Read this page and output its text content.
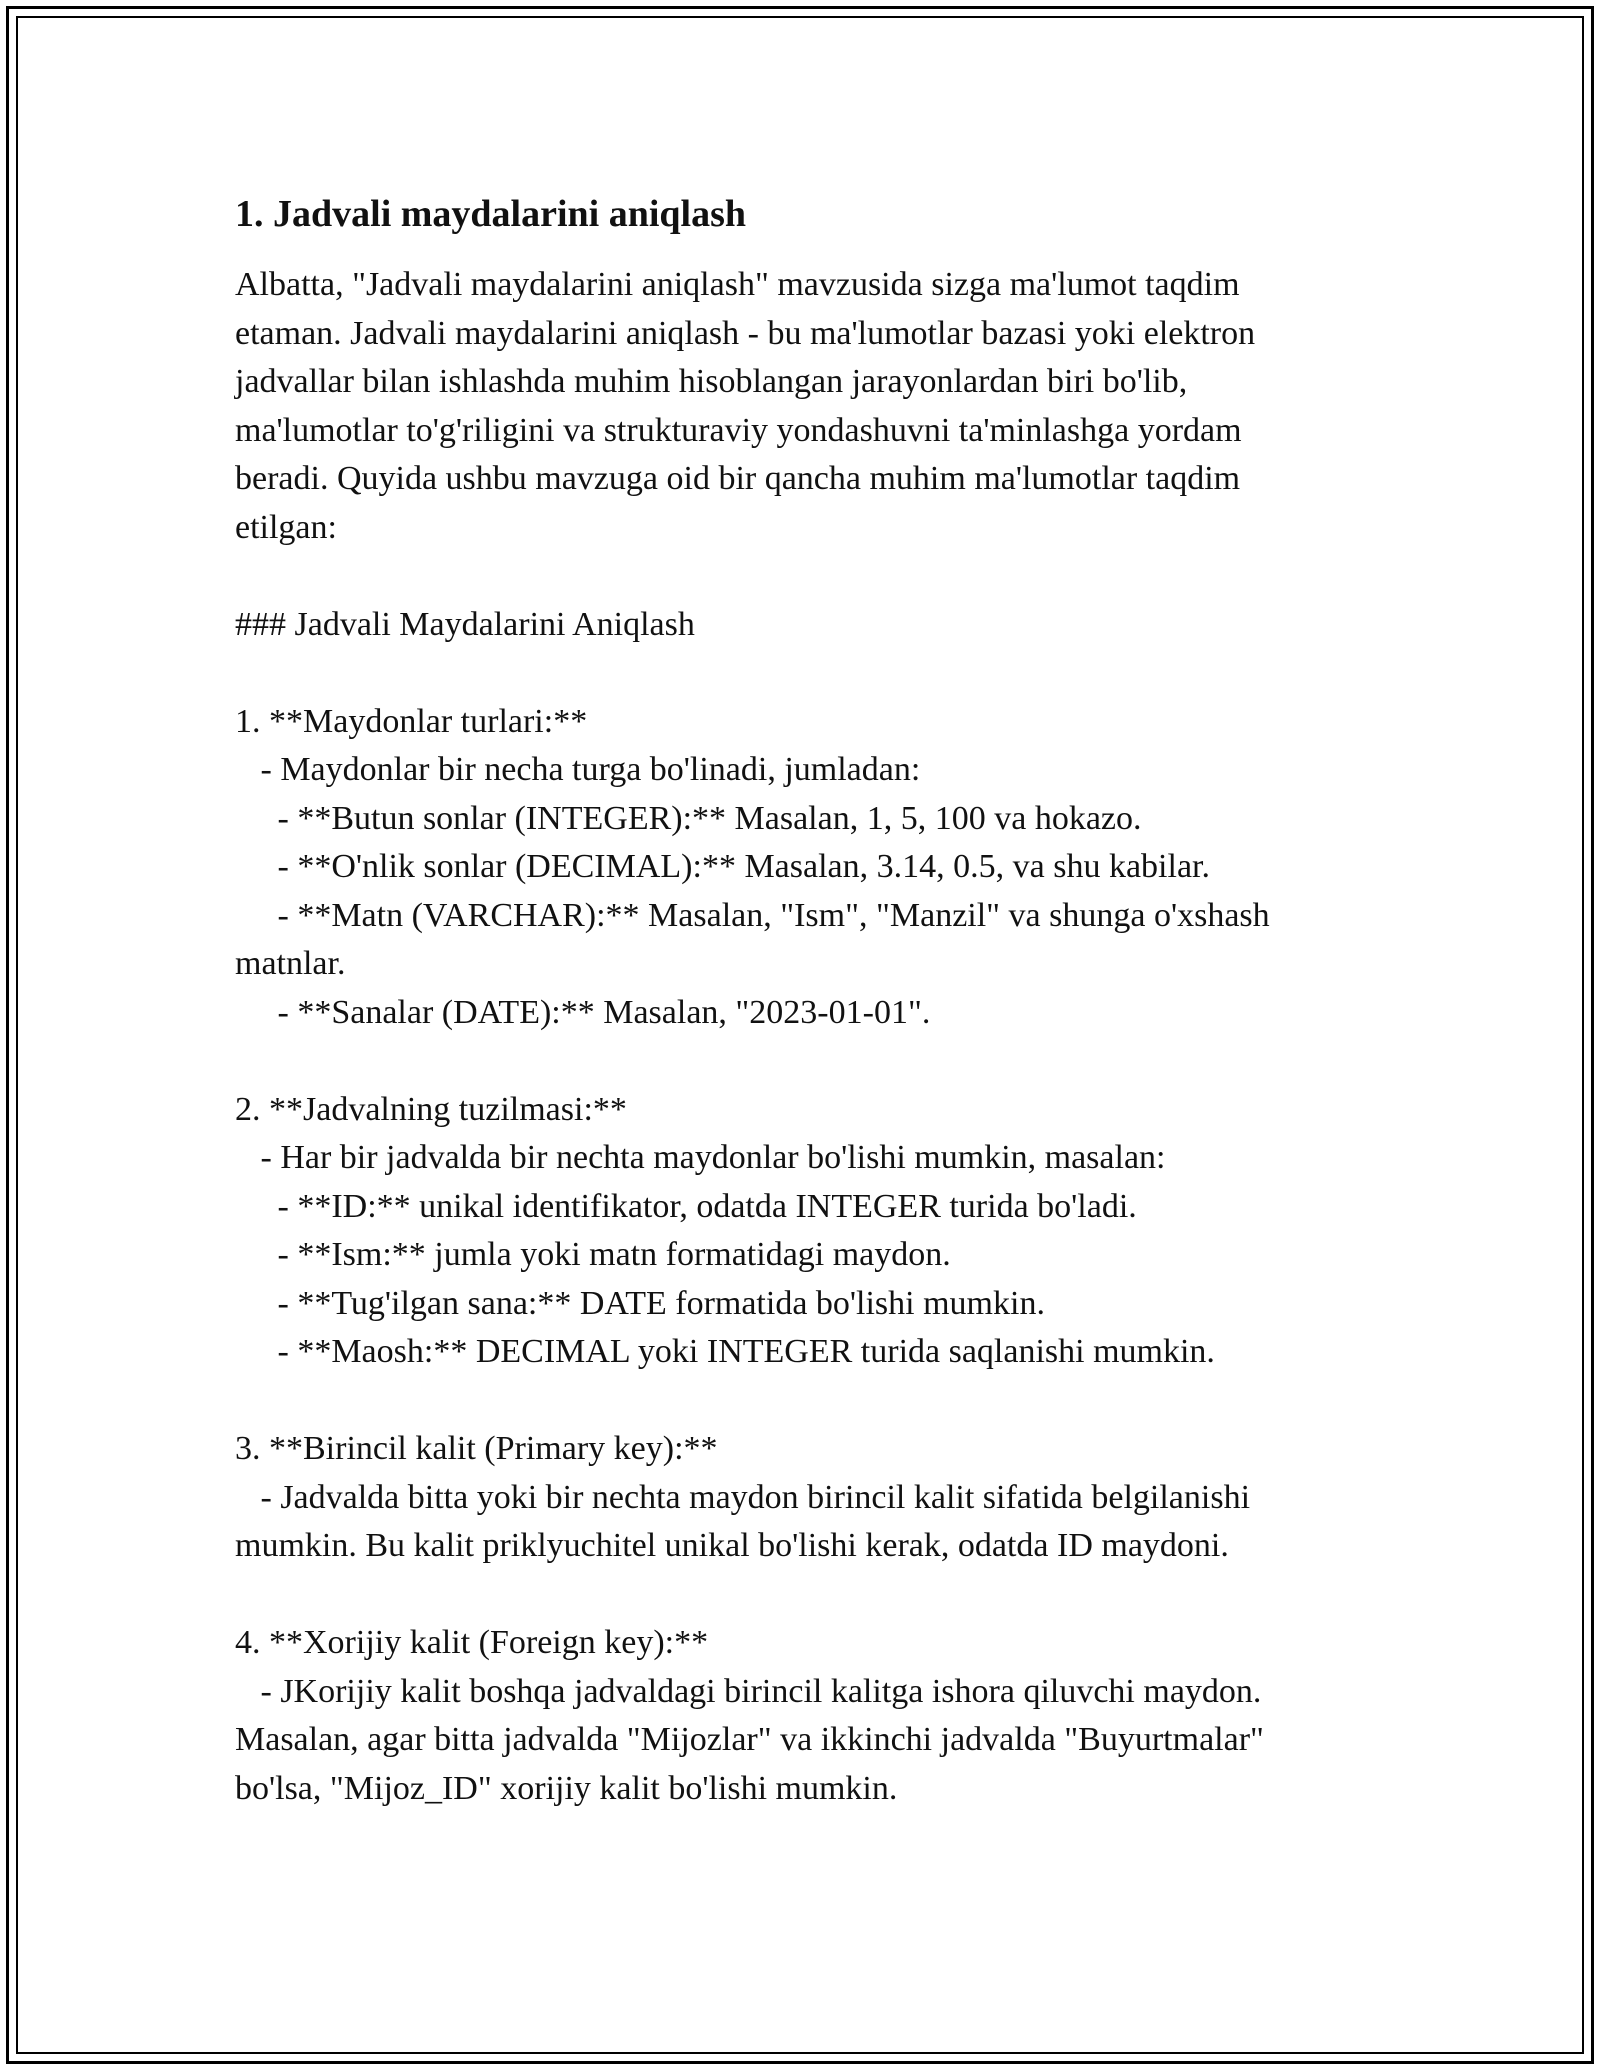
1. Jadvali maydalarini aniqlash

Albatta, "Jadvali maydalarini aniqlash" mavzusida sizga ma'lumot taqdim

etaman. Jadvali maydalarini aniqlash - bu ma'lumotlar bazasi yoki elektron

jadvallar bilan ishlashda muhim hisoblangan jarayonlardan biri bo'lib,

ma'lumotlar to'g'riligini va strukturaviy yondashuvni ta'minlashga yordam

beradi. Quyida ushbu mavzuga oid bir qancha muhim ma'lumotlar taqdim

etilgan:

### Jadvali Maydalarini Aniqlash

1. **Maydonlar turlari:**

- Maydonlar bir necha turga bo'linadi, jumladan:

- **Butun sonlar (INTEGER):** Masalan, 1, 5, 100 va hokazo.

- **O'nlik sonlar (DECIMAL):** Masalan, 3.14, 0.5, va shu kabilar.

- **Matn (VARCHAR):** Masalan, "Ism", "Manzil" va shunga o'xshash

matnlar.

- **Sanalar (DATE):** Masalan, "2023-01-01".

2. **Jadvalning tuzilmasi:**

- Har bir jadvalda bir nechta maydonlar bo'lishi mumkin, masalan:

- **ID:** unikal identifikator, odatda INTEGER turida bo'ladi.

- **Ism:** jumla yoki matn formatidagi maydon.

- **Tug'ilgan sana:** DATE formatida bo'lishi mumkin.

- **Maosh:** DECIMAL yoki INTEGER turida saqlanishi mumkin.

3. **Birincil kalit (Primary key):**

- Jadvalda bitta yoki bir nechta maydon birincil kalit sifatida belgilanishi

mumkin. Bu kalit priklyuchitel unikal bo'lishi kerak, odatda ID maydoni.

4. **Xorijiy kalit (Foreign key):**

- JKorijiy kalit boshqa jadvaldagi birincil kalitga ishora qiluvchi maydon.

Masalan, agar bitta jadvalda "Mijozlar" va ikkinchi jadvalda "Buyurtmalar"

bo'lsa, "Mijoz_ID" xorijiy kalit bo'lishi mumkin.
